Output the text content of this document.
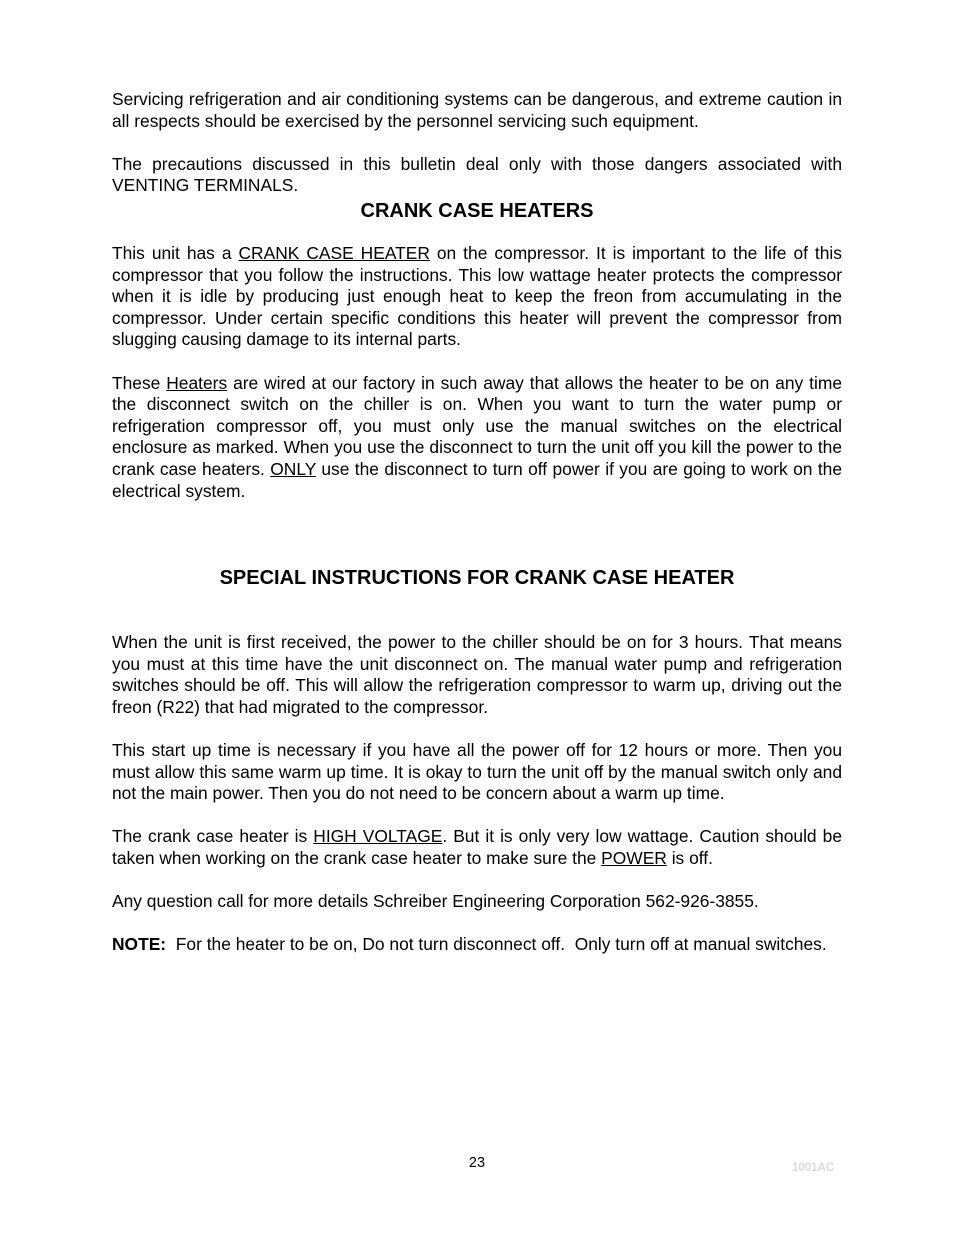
Servicing refrigeration and air conditioning systems can be dangerous, and extreme caution in all respects should be exercised by the personnel servicing such equipment.

The precautions discussed in this bulletin deal only with those dangers associated with VENTING TERMINALS.

CRANK CASE HEATERS

This unit has a CRANK CASE HEATER on the compressor. It is important to the life of this compressor that you follow the instructions. This low wattage heater protects the compressor when it is idle by producing just enough heat to keep the freon from accumulating in the compressor. Under certain specific conditions this heater will prevent the compressor from slugging causing damage to its internal parts.

These Heaters are wired at our factory in such away that allows the heater to be on any time the disconnect switch on the chiller is on. When you want to turn the water pump or refrigeration compressor off, you must only use the manual switches on the electrical enclosure as marked. When you use the disconnect to turn the unit off you kill the power to the crank case heaters. ONLY use the disconnect to turn off power if you are going to work on the electrical system.

SPECIAL INSTRUCTIONS FOR CRANK CASE HEATER

When the unit is first received, the power to the chiller should be on for 3 hours. That means you must at this time have the unit disconnect on. The manual water pump and refrigeration switches should be off. This will allow the refrigeration compressor to warm up, driving out the freon (R22) that had migrated to the compressor.

This start up time is necessary if you have all the power off for 12 hours or more. Then you must allow this same warm up time. It is okay to turn the unit off by the manual switch only and not the main power. Then you do not need to be concern about a warm up time.

The crank case heater is HIGH VOLTAGE. But it is only very low wattage. Caution should be taken when working on the crank case heater to make sure the POWER is off.

Any question call for more details Schreiber Engineering Corporation 562-926-3855.

NOTE:  For the heater to be on, Do not turn disconnect off.  Only turn off at manual switches.

23	1001AC
